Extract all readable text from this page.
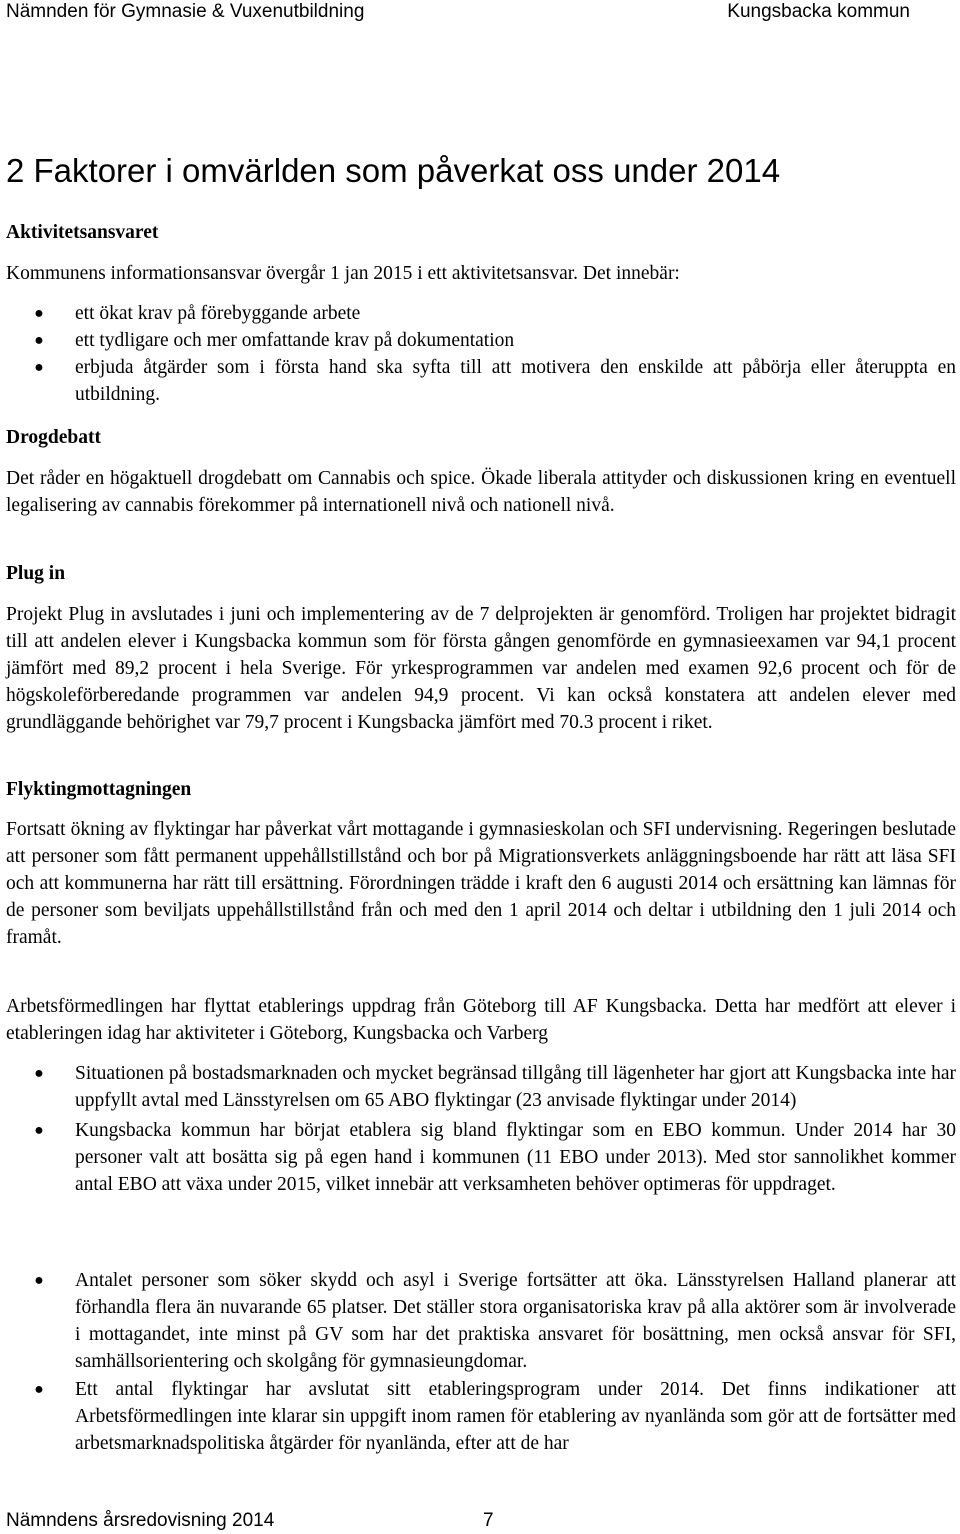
Nämnden för Gymnasie & Vuxenutbildning	Kungsbacka kommun
2 Faktorer i omvärlden som påverkat oss under 2014
Aktivitetsansvaret
Kommunens informationsansvar övergår 1 jan 2015 i ett aktivitetsansvar. Det innebär:
● ett ökat krav på förebyggande arbete
● ett tydligare och mer omfattande krav på dokumentation
● erbjuda åtgärder som i första hand ska syfta till att motivera den enskilde att påbörja eller återuppta en utbildning.
Drogdebatt
Det råder en högaktuell drogdebatt om Cannabis och spice. Ökade liberala attityder och diskussionen kring en eventuell legalisering av cannabis förekommer på internationell nivå och nationell nivå.
Plug in
Projekt Plug in avslutades i juni och implementering av de 7 delprojekten är genomförd. Troligen har projektet bidragit till att andelen elever i Kungsbacka kommun som för första gången genomförde en gymnasieexamen var 94,1 procent jämfört med 89,2 procent i hela Sverige. För yrkesprogrammen var andelen med examen 92,6 procent och för de högskoleförberedande programmen var andelen 94,9 procent. Vi kan också konstatera att andelen elever med grundläggande behörighet var 79,7 procent i Kungsbacka jämfört med 70.3 procent i riket.
Flyktingmottagningen
Fortsatt ökning av flyktingar har påverkat vårt mottagande i gymnasieskolan och SFI undervisning. Regeringen beslutade att personer som fått permanent uppehållstillstånd och bor på Migrationsverkets anläggningsboende har rätt att läsa SFI och att kommunerna har rätt till ersättning. Förordningen trädde i kraft den 6 augusti 2014 och ersättning kan lämnas för de personer som beviljats uppehållstillstånd från och med den 1 april 2014 och deltar i utbildning den 1 juli 2014 och framåt.
Arbetsförmedlingen har flyttat etablerings uppdrag från Göteborg till AF Kungsbacka. Detta har medfört att elever i etableringen idag har aktiviteter i Göteborg, Kungsbacka och Varberg
● Situationen på bostadsmarknaden och mycket begränsad tillgång till lägenheter har gjort att Kungsbacka inte har uppfyllt avtal med Länsstyrelsen om 65 ABO flyktingar (23 anvisade flyktingar under 2014)
● Kungsbacka kommun har börjat etablera sig bland flyktingar som en EBO kommun. Under 2014 har 30 personer valt att bosätta sig på egen hand i kommunen (11 EBO under 2013). Med stor sannolikhet kommer antal EBO att växa under 2015, vilket innebär att verksamheten behöver optimeras för uppdraget.
● Antalet personer som söker skydd och asyl i Sverige fortsätter att öka. Länsstyrelsen Halland planerar att förhandla flera än nuvarande 65 platser. Det ställer stora organisatoriska krav på alla aktörer som är involverade i mottagandet, inte minst på GV som har det praktiska ansvaret för bosättning, men också ansvar för SFI, samhällsorientering och skolgång för gymnasieungdomar.
● Ett antal flyktingar har avslutat sitt etableringsprogram under 2014. Det finns indikationer att Arbetsförmedlingen inte klarar sin uppgift inom ramen för etablering av nyanlända som gör att de fortsätter med arbetsmarknadspolitiska åtgärder för nyanlända, efter att de har
Nämndens årsredovisning 2014	7
